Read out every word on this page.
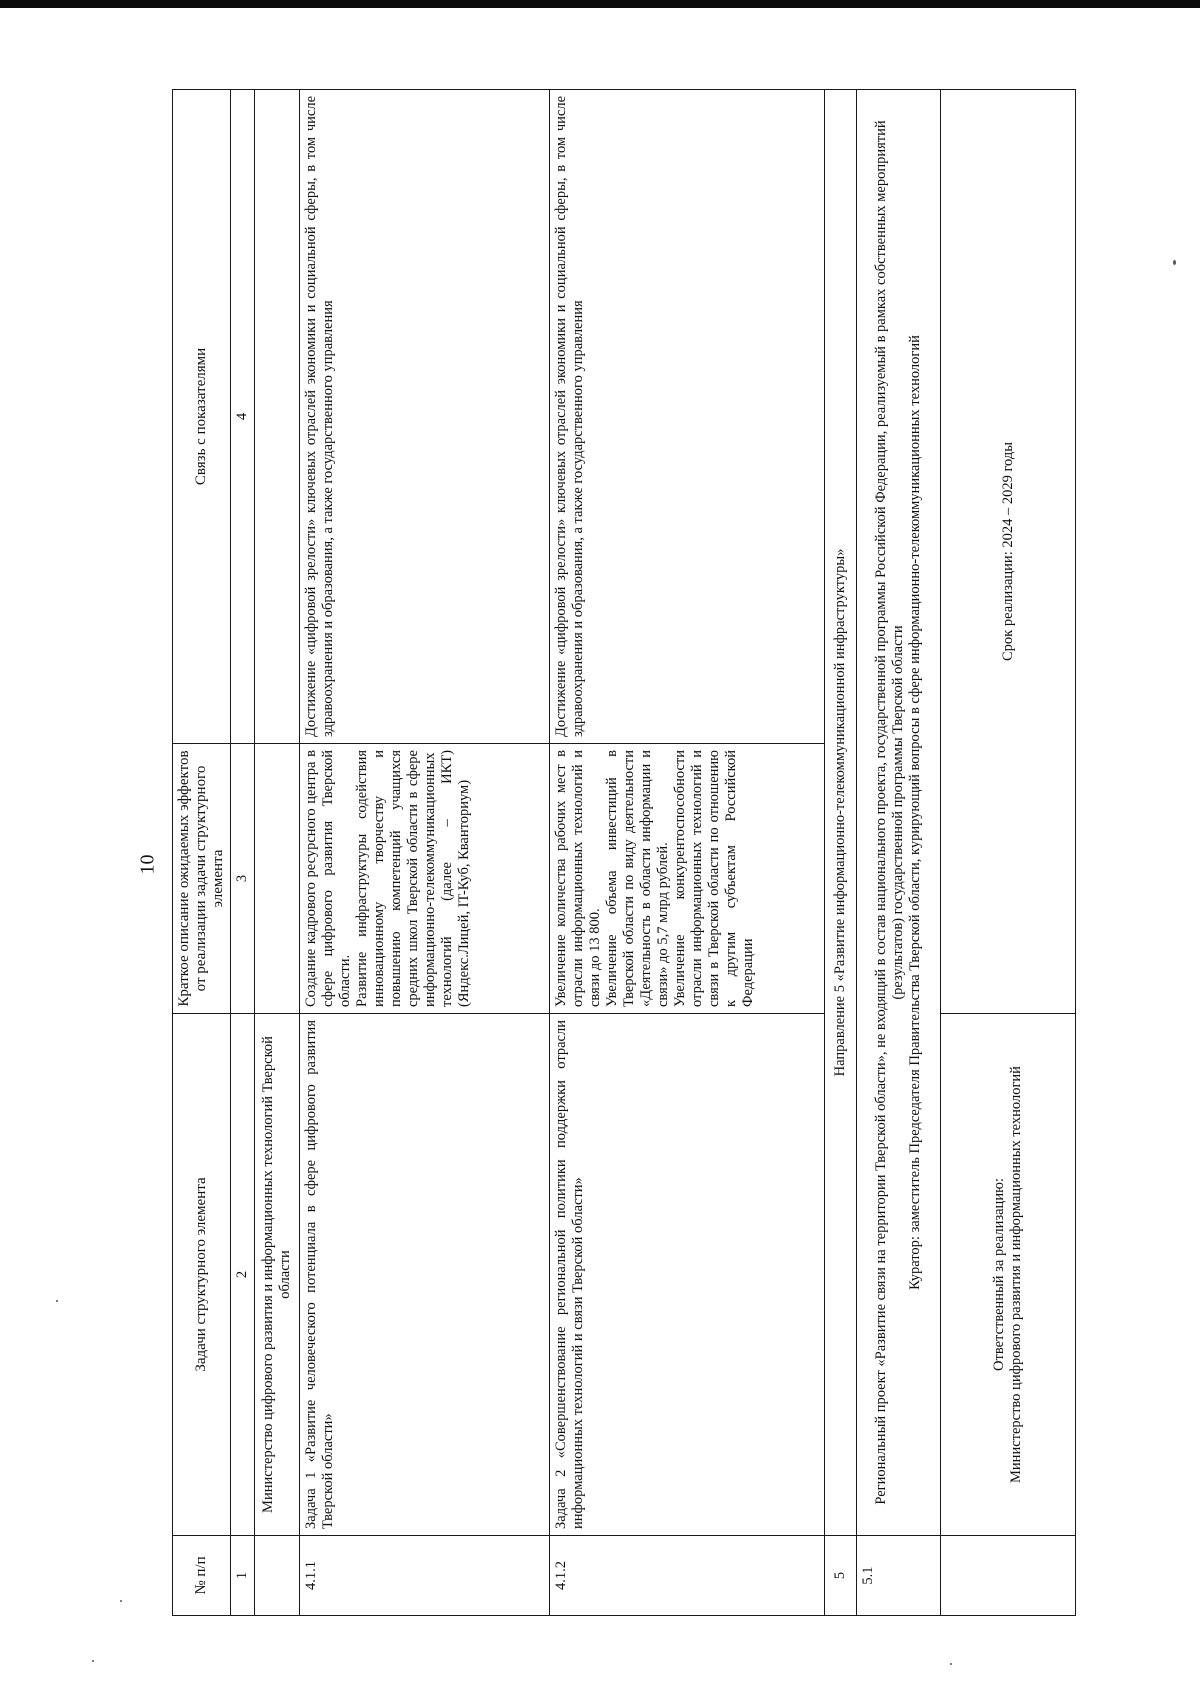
10
№ п/п	Задачи структурного элемента	Краткое описание ожидаемых эффектов от реализации задачи структурного элемента	Связь с показателями
1	2	3	4
	Министерство цифрового развития и информационных технологий Тверской области		
4.1.1	Задача 1 «Развитие человеческого потенциала в сфере цифрового развития Тверской области»	Создание кадрового ресурсного центра в сфере цифрового развития Тверской области.
Развитие инфраструктуры содействия инновационному творчеству и повышению компетенций учащихся средних школ Тверской области в сфере информационно-телекоммуникационных технологий (далее – ИКТ) (Яндекс.Лицей, IT-Куб, Кванториум)	Достижение «цифровой зрелости» ключевых отраслей экономики и социальной сферы, в том числе здравоохранения и образования, а также государственного управления
4.1.2	Задача 2 «Совершенствование региональной политики поддержки отрасли информационных технологий и связи Тверской области»	Увеличение количества рабочих мест в отрасли информационных технологий и связи до 13 800.
Увеличение объема инвестиций в Тверской области по виду деятельности «Деятельность в области информации и связи» до 5,7 млрд рублей.
Увеличение конкурентоспособности отрасли информационных технологий и связи в Тверской области по отношению к другим субъектам Российской Федерации	Достижение «цифровой зрелости» ключевых отраслей экономики и социальной сферы, в том числе здравоохранения и образования, а также государственного управления
5	Направление 5 «Развитие информационно-телекоммуникационной инфраструктуры»		
5.1	Региональный проект «Развитие связи на территории Тверской области», не входящий в состав национального проекта, государственной программы Российской Федерации, реализуемый в рамках собственных мероприятий (результатов) государственной программы Тверской области Куратор: заместитель Председателя Правительства Тверской области, курирующий вопросы в сфере информационно-телекоммуникационных технологий		

	Ответственный за реализацию: Министерство цифрового развития и информационных технологий	Срок реализации: 2024 – 2029 годы	
